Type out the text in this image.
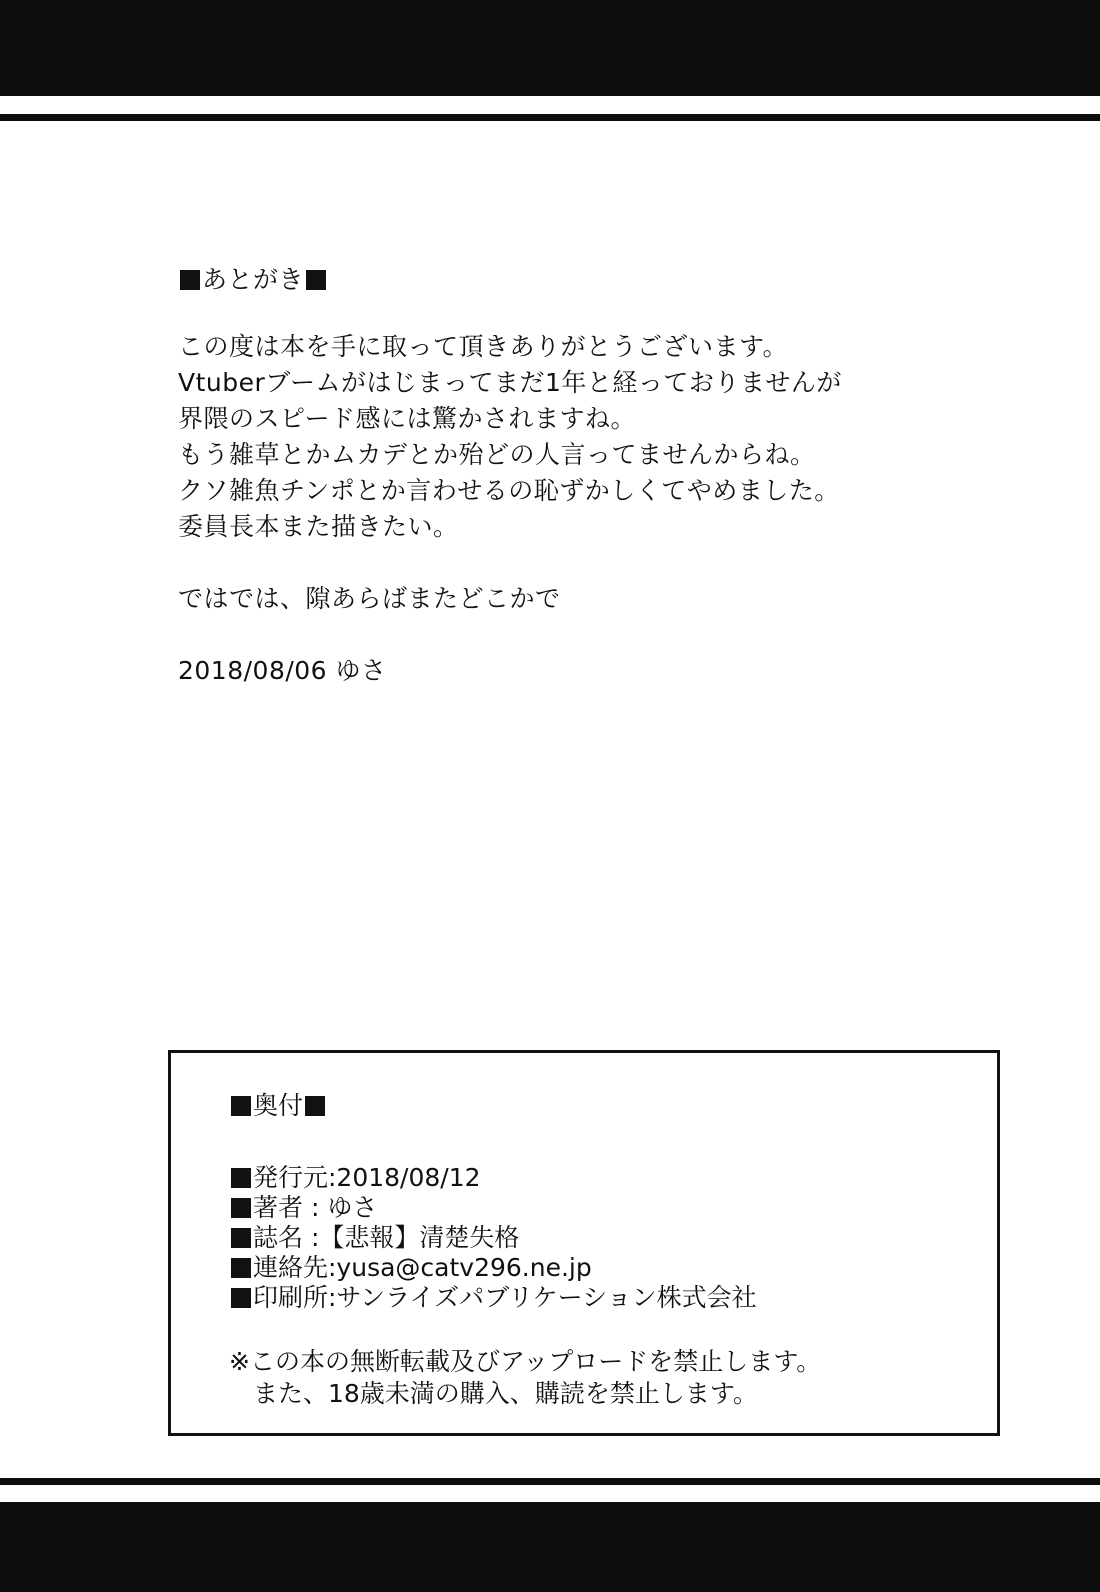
あとがき
この度は本を手に取って頂きありがとうございます。
Vtuberブームがはじまってまだ1年と経っておりませんが
界隈のスピード感には驚かされますね。
もう雑草とかムカデとか殆どの人言ってませんからね。
クソ雑魚チンポとか言わせるの恥ずかしくてやめました。
委員長本また描きたい。
ではでは、隙あらばまたどこかで
2018/08/06 ゆさ
奥付
発行元:2018/08/12
著者 : ゆさ
誌名 :【悲報】清楚失格
連絡先:yusa@catv296.ne.jp
印刷所:サンライズパブリケーション株式会社
※この本の無断転載及びアップロードを禁止します。
また、18歳未満の購入、購読を禁止します。
